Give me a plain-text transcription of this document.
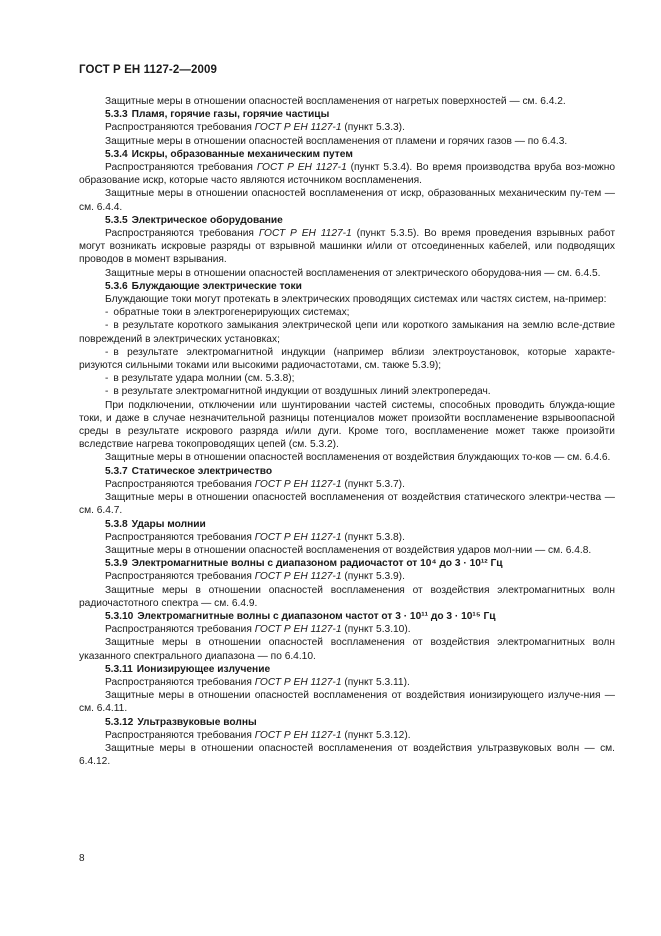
ГОСТ Р ЕН 1127-2—2009

Защитные меры в отношении опасностей воспламенения от нагретых поверхностей — см. 6.4.2.

5.3.3 Пламя, горячие газы, горячие частицы

Распространяются требования ГОСТ Р ЕН 1127-1 (пункт 5.3.3).

Защитные меры в отношении опасностей воспламенения от пламени и горячих газов — по 6.4.3.

5.3.4 Искры, образованные механическим путем

Распространяются требования ГОСТ Р ЕН 1127-1 (пункт 5.3.4). Во время производства вруба воз-можно образование искр, которые часто являются источником воспламенения.

Защитные меры в отношении опасностей воспламенения от искр, образованных механическим пу-тем — см. 6.4.4.

5.3.5 Электрическое оборудование

Распространяются требования ГОСТ Р ЕН 1127-1 (пункт 5.3.5). Во время проведения взрывных работ могут возникать искровые разряды от взрывной машинки и/или от отсоединенных кабелей, или подводящих проводов в момент взрывания.

Защитные меры в отношении опасностей воспламенения от электрического оборудова-ния — см. 6.4.5.

5.3.6 Блуждающие электрические токи

Блуждающие токи могут протекать в электрических проводящих системах или частях систем, на-пример:

- обратные токи в электрогенерирующих системах;

- в результате короткого замыкания электрической цепи или короткого замыкания на землю вслe-дствие повреждений в электрических установках;

- в результате электромагнитной индукции (например вблизи электроустановок, которые характе-ризуются сильными токами или высокими радиочастотами, см. также 5.3.9);

- в результате удара молнии (см. 5.3.8);

- в результате электромагнитной индукции от воздушных линий электропередач.

При подключении, отключении или шунтировании частей системы, способных проводить блужда-ющие токи, и даже в случае незначительной разницы потенциалов может произойти воспламенение взрывоопасной среды в результате искрового разряда и/или дуги. Кроме того, воспламенение может также произойти вследствие нагрева токопроводящих цепей (см. 5.3.2).

Защитные меры в отношении опасностей воспламенения от воздействия блуждающих то-ков — см. 6.4.6.

5.3.7 Статическое электричество

Распространяются требования ГОСТ Р ЕН 1127-1 (пункт 5.3.7).

Защитные меры в отношении опасностей воспламенения от воздействия статического электри-чества — см. 6.4.7.

5.3.8 Удары молнии

Распространяются требования ГОСТ Р ЕН 1127-1 (пункт 5.3.8).

Защитные меры в отношении опасностей воспламенения от воздействия ударов мол-нии — см. 6.4.8.

5.3.9 Электромагнитные волны с диапазоном радиочастот от 10⁴ до 3 · 10¹² Гц

Распространяются требования ГОСТ Р ЕН 1127-1 (пункт 5.3.9).

Защитные меры в отношении опасностей воспламенения от воздействия электромагнитных волн радиочастотного спектра — см. 6.4.9.

5.3.10 Электромагнитные волны с диапазоном частот от 3 · 10¹¹ до 3 · 10¹⁵ Гц

Распространяются требования ГОСТ Р ЕН 1127-1 (пункт 5.3.10).

Защитные меры в отношении опасностей воспламенения от воздействия электромагнитных волн указанного спектрального диапазона — по 6.4.10.

5.3.11 Ионизирующее излучение

Распространяются требования ГОСТ Р ЕН 1127-1 (пункт 5.3.11).

Защитные меры в отношении опасностей воспламенения от воздействия ионизирующего излуче-ния — см. 6.4.11.

5.3.12 Ультразвуковые волны

Распространяются требования ГОСТ Р ЕН 1127-1 (пункт 5.3.12).

Защитные меры в отношении опасностей воспламенения от воздействия ультразвуковых волн — см. 6.4.12.

8
